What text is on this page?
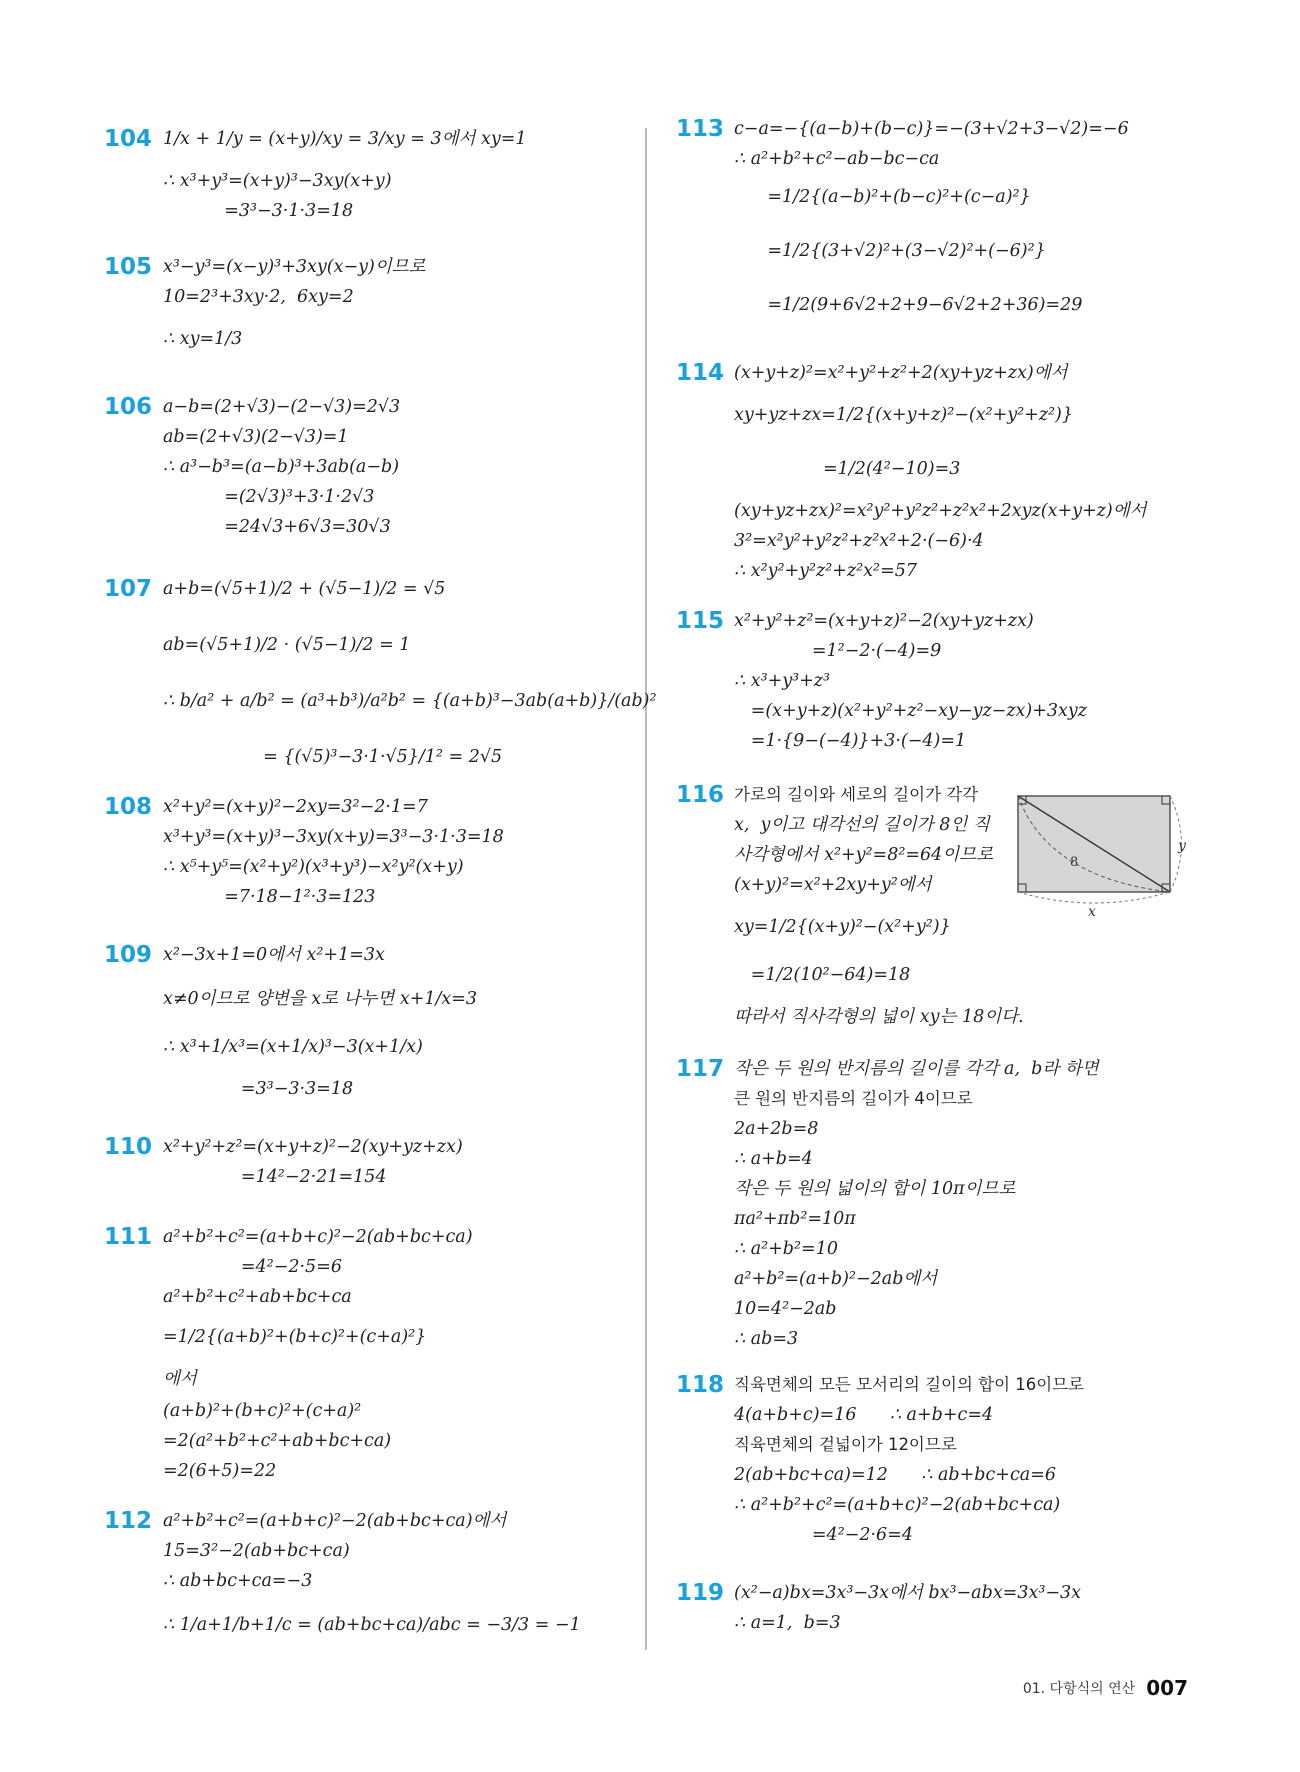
104 1/x + 1/y = (x+y)/xy = 3/xy = 3에서 xy=1
∴ x³+y³=(x+y)³−3xy(x+y)
=3³−3·1·3=18
105 x³−y³=(x−y)³+3xy(x−y)이므로
10=2³+3xy·2,  6xy=2
∴ xy=1/3
106 a−b=(2+√3)−(2−√3)=2√3
ab=(2+√3)(2−√3)=1
∴ a³−b³=(a−b)³+3ab(a−b)
=(2√3)³+3·1·2√3
=24√3+6√3=30√3
107 a+b=(√5+1)/2 + (√5−1)/2 = √5
ab=(√5+1)/2 · (√5−1)/2 = 1
∴ b/a² + a/b² = (a³+b³)/a²b² = {(a+b)³−3ab(a+b)}/(ab)²
= {(√5)³−3·1·√5}/1² = 2√5
108 x²+y²=(x+y)²−2xy=3²−2·1=7
x³+y³=(x+y)³−3xy(x+y)=3³−3·1·3=18
∴ x⁵+y⁵=(x²+y²)(x³+y³)−x²y²(x+y)
=7·18−1²·3=123
109 x²−3x+1=0에서 x²+1=3x
x≠0이므로 양변을 x로 나누면 x+1/x=3
∴ x³+1/x³=(x+1/x)³−3(x+1/x)
=3³−3·3=18
110 x²+y²+z²=(x+y+z)²−2(xy+yz+zx)
=14²−2·21=154
111 a²+b²+c²=(a+b+c)²−2(ab+bc+ca)
=4²−2·5=6
a²+b²+c²+ab+bc+ca
=1/2{(a+b)²+(b+c)²+(c+a)²}
에서
(a+b)²+(b+c)²+(c+a)²
=2(a²+b²+c²+ab+bc+ca)
=2(6+5)=22
112 a²+b²+c²=(a+b+c)²−2(ab+bc+ca)에서
15=3²−2(ab+bc+ca)
∴ ab+bc+ca=−3
∴ 1/a+1/b+1/c = (ab+bc+ca)/abc = −3/3 = −1
113 c−a=−{(a−b)+(b−c)}=−(3+√2+3−√2)=−6
∴ a²+b²+c²−ab−bc−ca
=1/2{(a−b)²+(b−c)²+(c−a)²}
=1/2{(3+√2)²+(3−√2)²+(−6)²}
=1/2(9+6√2+2+9−6√2+2+36)=29
114 (x+y+z)²=x²+y²+z²+2(xy+yz+zx)에서
xy+yz+zx=1/2{(x+y+z)²−(x²+y²+z²)}
=1/2(4²−10)=3
(xy+yz+zx)²=x²y²+y²z²+z²x²+2xyz(x+y+z)에서
3²=x²y²+y²z²+z²x²+2·(−6)·4
∴ x²y²+y²z²+z²x²=57
115 x²+y²+z²=(x+y+z)²−2(xy+yz+zx)
=1²−2·(−4)=9
∴ x³+y³+z³
=(x+y+z)(x²+y²+z²−xy−yz−zx)+3xyz
=1·{9−(−4)}+3·(−4)=1
116 가로의 길이와 세로의 길이가 각각
x,  y이고 대각선의 길이가 8인 직
사각형에서 x²+y²=8²=64이므로
(x+y)²=x²+2xy+y²에서
xy=1/2{(x+y)²−(x²+y²)}
=1/2(10²−64)=18
따라서 직사각형의 넓이 xy는 18이다.
117 작은 두 원의 반지름의 길이를 각각 a,  b라 하면
큰 원의 반지름의 길이가 4이므로
2a+2b=8
∴ a+b=4
작은 두 원의 넓이의 합이 10π이므로
πa²+πb²=10π
∴ a²+b²=10
a²+b²=(a+b)²−2ab에서
10=4²−2ab
∴ ab=3
118 직육면체의 모든 모서리의 길이의 합이 16이므로
4(a+b+c)=16      ∴ a+b+c=4
직육면체의 겉넓이가 12이므로
2(ab+bc+ca)=12      ∴ ab+bc+ca=6
∴ a²+b²+c²=(a+b+c)²−2(ab+bc+ca)
=4²−2·6=4
119 (x²−a)bx=3x³−3x에서 bx³−abx=3x³−3x
∴ a=1,  b=3
8
x
y
01. 다항식의 연산 007
